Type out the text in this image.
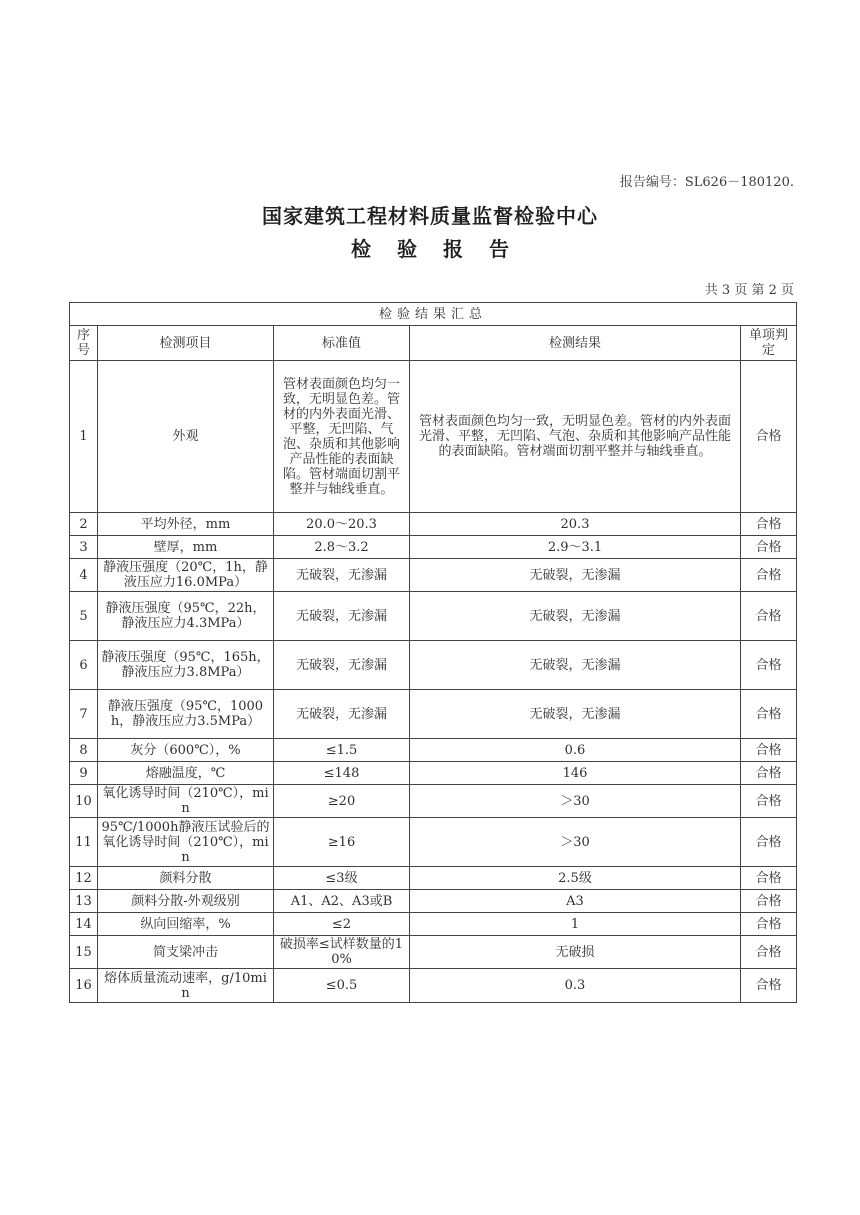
报告编号：SL626－180120.
国家建筑工程材料质量监督检验中心
检验报告
共 3 页 第 2 页
检验结果汇总				
序号	检测项目	标准值	检测结果	单项判定
1	外观	管材表面颜色均匀一致，无明显色差。管材的内外表面光滑、平整，无凹陷、气泡、杂质和其他影响产品性能的表面缺陷。管材端面切割平整并与轴线垂直。	管材表面颜色均匀一致，无明显色差。管材的内外表面光滑、平整，无凹陷、气泡、杂质和其他影响产品性能的表面缺陷。管材端面切割平整并与轴线垂直。	合格
2	平均外径，mm	20.0～20.3	20.3	合格
3	壁厚，mm	2.8～3.2	2.9～3.1	合格
4	静液压强度（20℃，1h，静液压应力16.0MPa）	无破裂，无渗漏	无破裂，无渗漏	合格
5	静液压强度（95℃，22h，静液压应力4.3MPa）	无破裂，无渗漏	无破裂，无渗漏	合格
6	静液压强度（95℃，165h，静液压应力3.8MPa）	无破裂，无渗漏	无破裂，无渗漏	合格
7	静液压强度（95℃，1000h，静液压应力3.5MPa）	无破裂，无渗漏	无破裂，无渗漏	合格
8	灰分（600℃），%	≤1.5	0.6	合格
9	熔融温度，℃	≤148	146	合格
10	氧化诱导时间（210℃），min	≥20	＞30	合格
11	95℃/1000h静液压试验后的氧化诱导时间（210℃），min	≥16	＞30	合格
12	颜料分散	≤3级	2.5级	合格
13	颜料分散-外观级别	A1、A2、A3或B	A3	合格
14	纵向回缩率，%	≤2	1	合格
15	简支梁冲击	破损率≤试样数量的10%	无破损	合格
16	熔体质量流动速率，g/10min	≤0.5	0.3	合格
